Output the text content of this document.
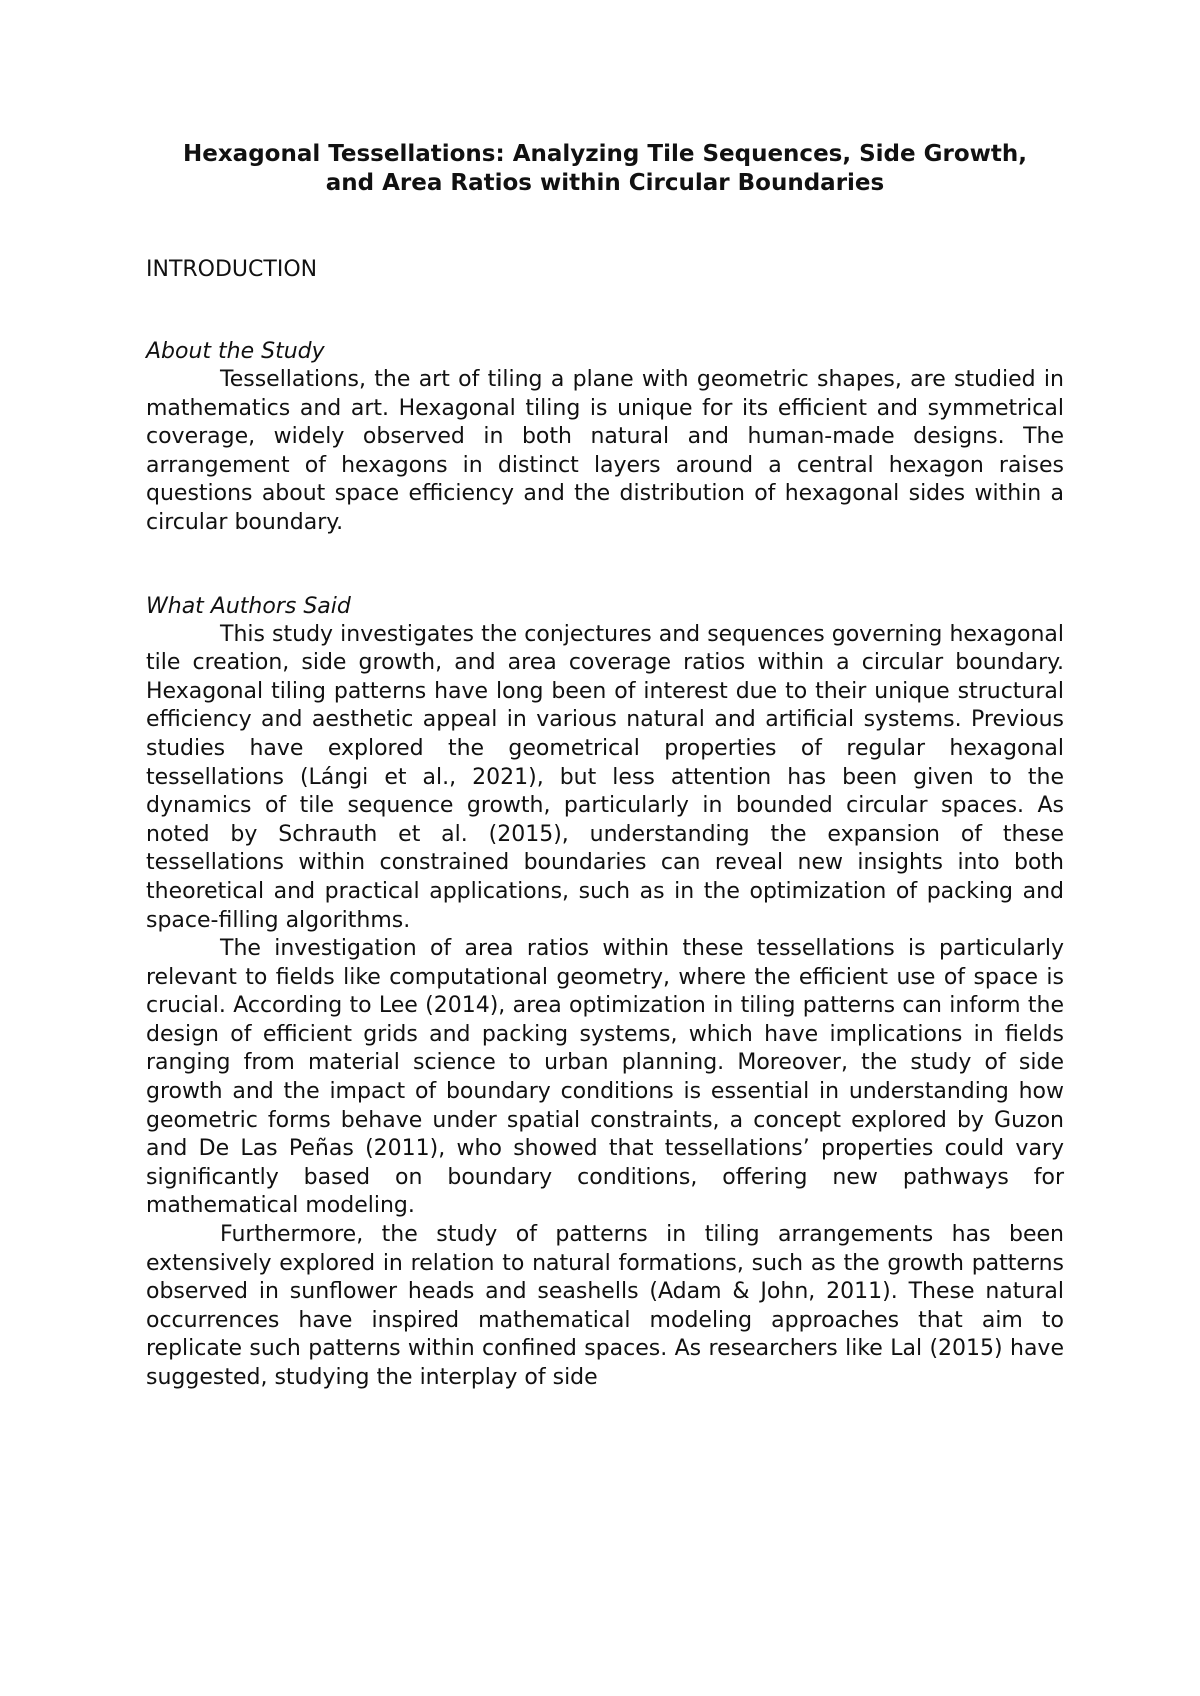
Hexagonal Tessellations: Analyzing Tile Sequences, Side Growth,
and Area Ratios within Circular Boundaries
INTRODUCTION
About the Study

Tessellations, the art of tiling a plane with geometric shapes, are studied in mathematics and art. Hexagonal tiling is unique for its efficient and symmetrical coverage, widely observed in both natural and human-made designs. The arrangement of hexagons in distinct layers around a central hexagon raises questions about space efficiency and the distribution of hexagonal sides within a circular boundary.

What Authors Said

This study investigates the conjectures and sequences governing hexagonal tile creation, side growth, and area coverage ratios within a circular boundary. Hexagonal tiling patterns have long been of interest due to their unique structural efficiency and aesthetic appeal in various natural and artificial systems. Previous studies have explored the geometrical properties of regular hexagonal tessellations (Lángi et al., 2021), but less attention has been given to the dynamics of tile sequence growth, particularly in bounded circular spaces. As noted by Schrauth et al. (2015), understanding the expansion of these tessellations within constrained boundaries can reveal new insights into both theoretical and practical applications, such as in the optimization of packing and space-filling algorithms.

The investigation of area ratios within these tessellations is particularly relevant to fields like computational geometry, where the efficient use of space is crucial. According to Lee (2014), area optimization in tiling patterns can inform the design of efficient grids and packing systems, which have implications in fields ranging from material science to urban planning. Moreover, the study of side growth and the impact of boundary conditions is essential in understanding how geometric forms behave under spatial constraints, a concept explored by Guzon and De Las Peñas (2011), who showed that tessellations’ properties could vary significantly based on boundary conditions, offering new pathways for mathematical modeling.

Furthermore, the study of patterns in tiling arrangements has been extensively explored in relation to natural formations, such as the growth patterns observed in sunflower heads and seashells (Adam & John, 2011). These natural occurrences have inspired mathematical modeling approaches that aim to replicate such patterns within confined spaces. As researchers like Lal (2015) have suggested, studying the interplay of side
